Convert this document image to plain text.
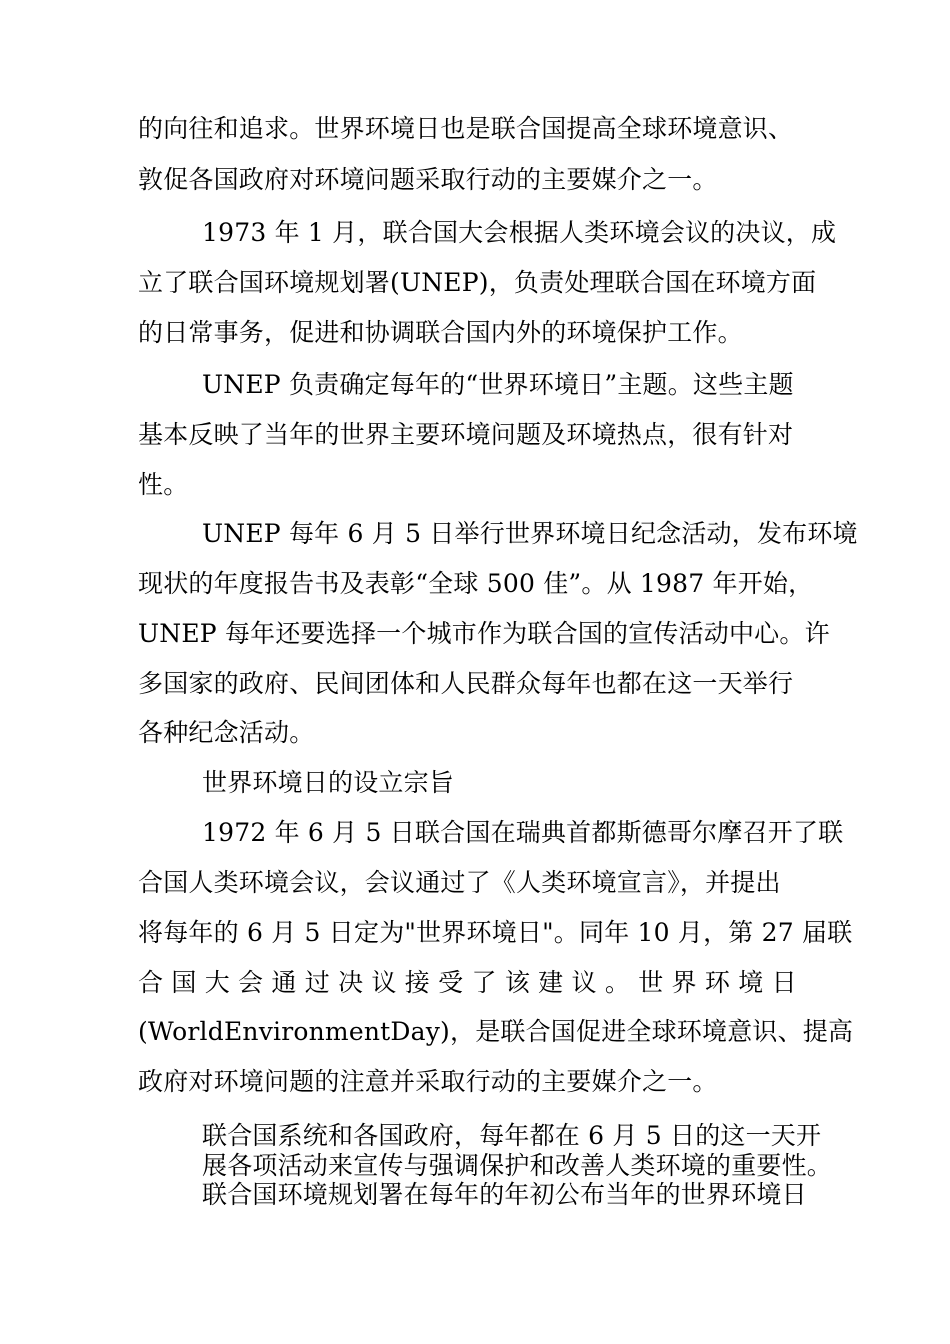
的向往和追求。世界环境日也是联合国提高全球环境意识、
敦促各国政府对环境问题采取行动的主要媒介之一。
1973 年 1 月，联合国大会根据人类环境会议的决议，成
立了联合国环境规划署(UNEP)，负责处理联合国在环境方面
的日常事务，促进和协调联合国内外的环境保护工作。
UNEP 负责确定每年的“世界环境日”主题。这些主题
基本反映了当年的世界主要环境问题及环境热点，很有针对
性。
UNEP 每年 6 月 5 日举行世界环境日纪念活动，发布环境
现状的年度报告书及表彰“全球 500 佳”。从 1987 年开始，
UNEP 每年还要选择一个城市作为联合国的宣传活动中心。许
多国家的政府、民间团体和人民群众每年也都在这一天举行
各种纪念活动。
世界环境日的设立宗旨
1972 年 6 月 5 日联合国在瑞典首都斯德哥尔摩召开了联
合国人类环境会议，会议通过了《人类环境宣言》，并提出
将每年的 6 月 5 日定为"世界环境日"。同年 10 月，第 27 届联
合 国 大 会 通 过 决 议 接 受 了 该 建 议 。 世 界 环 境 日
(WorldEnvironmentDay)，是联合国促进全球环境意识、提高
政府对环境问题的注意并采取行动的主要媒介之一。
联合国系统和各国政府，每年都在 6 月 5 日的这一天开
展各项活动来宣传与强调保护和改善人类环境的重要性。
联合国环境规划署在每年的年初公布当年的世界环境日
